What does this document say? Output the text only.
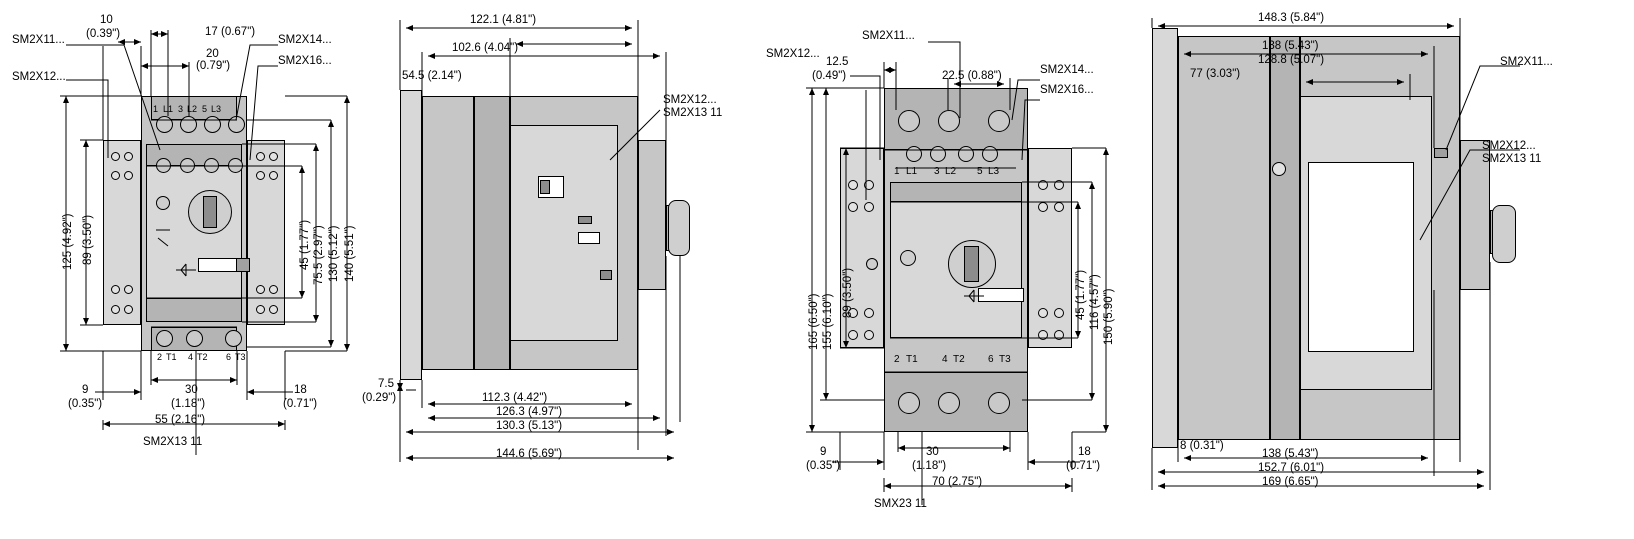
10
(0.39")	17 (0.67")
20
(0.79")
125 (4.92") 89 (3.50")	45 (1.77") 75.5 (2.97") 130 (5.12") 140 (5.51")
9
(0.35")
30
(1.18")
18
(0.71")
55 (2.16")
SM2X11...
SM2X12...
SM2X14...
SM2X16...
SM2X13 11
1 L1 3 L2 5 L3
2 T1 4 T2 6 T3
122.1 (4.81")
102.6 (4.04")
54.5 (2.14")
7.5
(0.29")	112.3 (4.42")
126.3 (4.97")
130.3 (5.13")
144.6 (5.69")
SM2X12...
SM2X13 11
12.5
(0.49")	22.5 (0.88")
165 (6.50") 155 (6.10")
89 (3.50")	45 (1.77") 116 (4.57") 150 (5.90")
9
(0.35")
30
(1.18")
18
(0.71")
70 (2.75")
SM2X11...
SM2X12...
SM2X14...
SM2X16...
SMX23 11
1 L1 3 L2 5 L3
2 T1 4 T2 6 T3
148.3 (5.84")
138 (5.43")
128.8 (5.07")
77 (3.03")
8 (0.31")
138 (5.43")
152.7 (6.01")
169 (6.65")
SM2X11...
SM2X12...
SM2X13 11
